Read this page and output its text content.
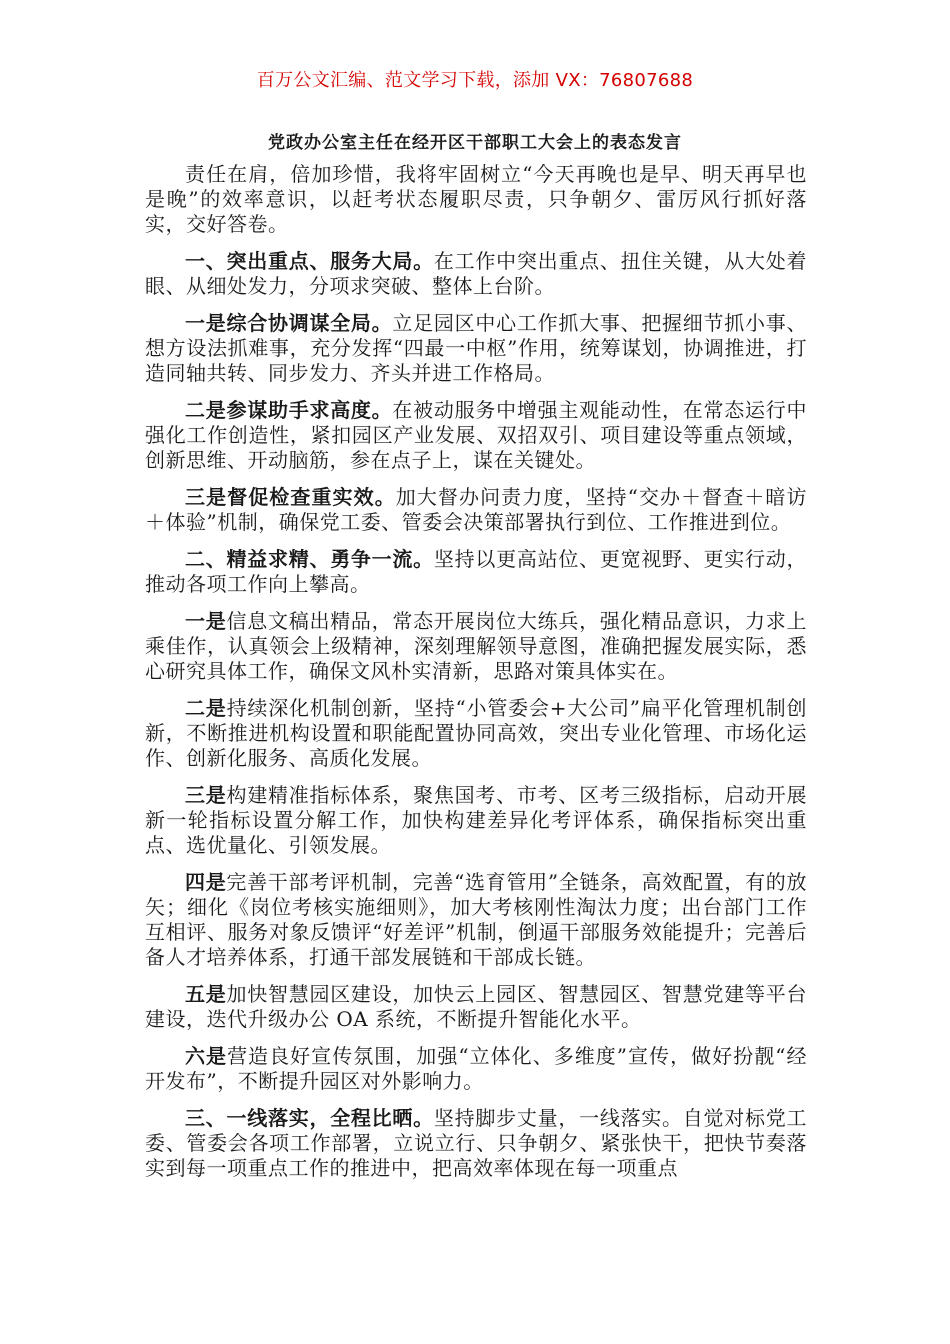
百万公文汇编、范文学习下载，添加 VX：76807688
党政办公室主任在经开区干部职工大会上的表态发言

责任在肩，倍加珍惜，我将牢固树立“今天再晚也是早、明天再早也是晚”的效率意识，以赶考状态履职尽责，只争朝夕、雷厉风行抓好落实，交好答卷。

一、突出重点、服务大局。在工作中突出重点、扭住关键，从大处着眼、从细处发力，分项求突破、整体上台阶。

一是综合协调谋全局。立足园区中心工作抓大事、把握细节抓小事、想方设法抓难事，充分发挥“四最一中枢”作用，统筹谋划，协调推进，打造同轴共转、同步发力、齐头并进工作格局。

二是参谋助手求高度。在被动服务中增强主观能动性，在常态运行中强化工作创造性，紧扣园区产业发展、双招双引、项目建设等重点领域，创新思维、开动脑筋，参在点子上，谋在关键处。

三是督促检查重实效。加大督办问责力度，坚持“交办＋督查＋暗访＋体验”机制，确保党工委、管委会决策部署执行到位、工作推进到位。

二、精益求精、勇争一流。坚持以更高站位、更宽视野、更实行动，推动各项工作向上攀高。

一是信息文稿出精品，常态开展岗位大练兵，强化精品意识，力求上乘佳作，认真领会上级精神，深刻理解领导意图，准确把握发展实际，悉心研究具体工作，确保文风朴实清新，思路对策具体实在。

二是持续深化机制创新，坚持“小管委会+大公司”扁平化管理机制创新，不断推进机构设置和职能配置协同高效，突出专业化管理、市场化运作、创新化服务、高质化发展。

三是构建精准指标体系，聚焦国考、市考、区考三级指标，启动开展新一轮指标设置分解工作，加快构建差异化考评体系，确保指标突出重点、选优量化、引领发展。

四是完善干部考评机制，完善“选育管用”全链条，高效配置，有的放矢；细化《岗位考核实施细则》，加大考核刚性淘汰力度；出台部门工作互相评、服务对象反馈评“好差评”机制，倒逼干部服务效能提升；完善后备人才培养体系，打通干部发展链和干部成长链。

五是加快智慧园区建设，加快云上园区、智慧园区、智慧党建等平台建设，迭代升级办公 OA 系统，不断提升智能化水平。

六是营造良好宣传氛围，加强“立体化、多维度”宣传，做好扮靓“经开发布”，不断提升园区对外影响力。

三、一线落实，全程比晒。坚持脚步丈量，一线落实。自觉对标党工委、管委会各项工作部署，立说立行、只争朝夕、紧张快干，把快节奏落实到每一项重点工作的推进中，把高效率体现在每一项重点
